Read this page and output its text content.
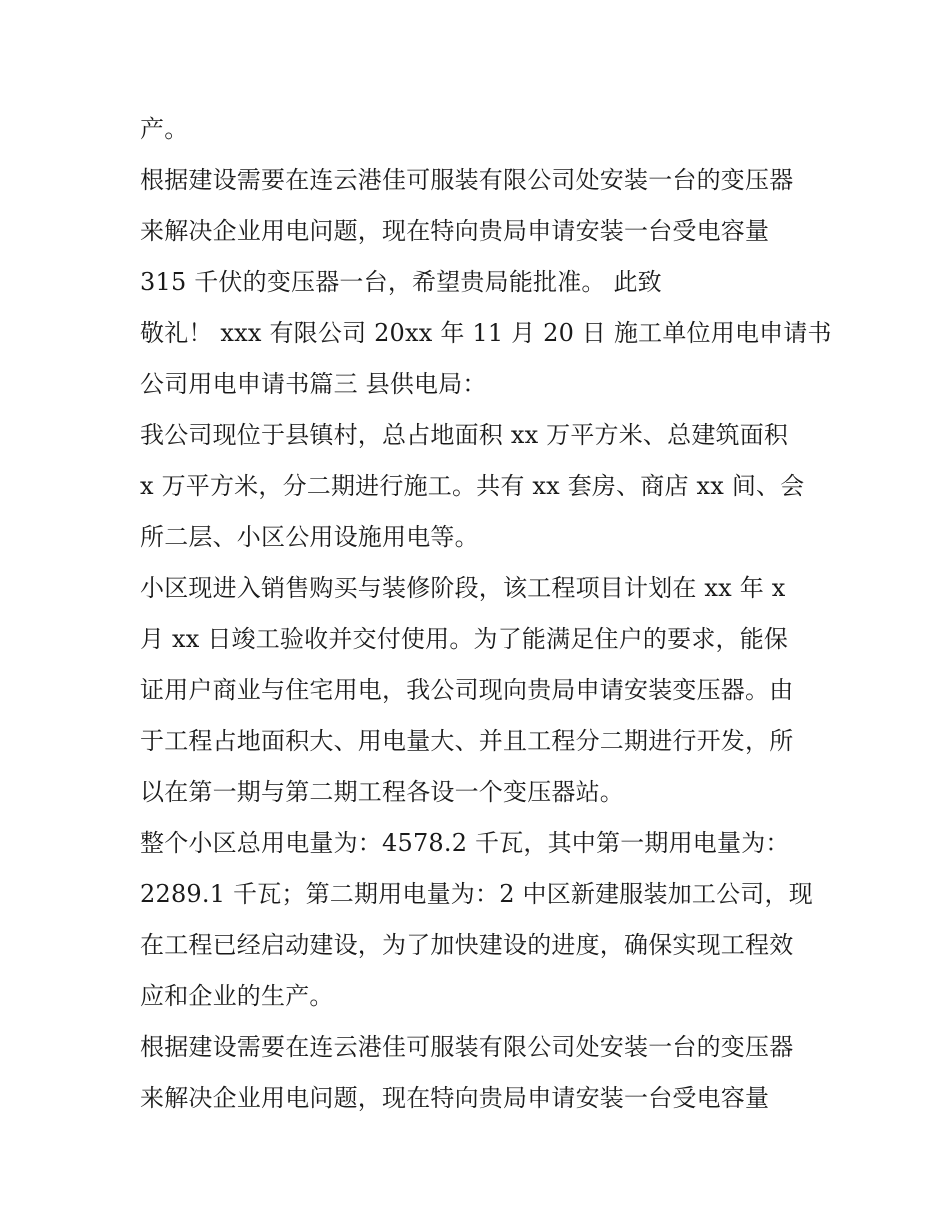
产。
根据建设需要在连云港佳可服装有限公司处安装一台的变压器
来解决企业用电问题，现在特向贵局申请安装一台受电容量
315 千伏的变压器一台，希望贵局能批准。 此致
敬礼！ xxx 有限公司 20xx 年 11 月 20 日 施工单位用电申请书
公司用电申请书篇三 县供电局：
我公司现位于县镇村，总占地面积 xx 万平方米、总建筑面积
x 万平方米，分二期进行施工。共有 xx 套房、商店 xx 间、会
所二层、小区公用设施用电等。
小区现进入销售购买与装修阶段，该工程项目计划在 xx 年 x
月 xx 日竣工验收并交付使用。为了能满足住户的要求，能保
证用户商业与住宅用电，我公司现向贵局申请安装变压器。由
于工程占地面积大、用电量大、并且工程分二期进行开发，所
以在第一期与第二期工程各设一个变压器站。
整个小区总用电量为：4578.2 千瓦，其中第一期用电量为：
2289.1 千瓦；第二期用电量为：2 中区新建服装加工公司，现
在工程已经启动建设，为了加快建设的进度，确保实现工程效
应和企业的生产。
根据建设需要在连云港佳可服装有限公司处安装一台的变压器
来解决企业用电问题，现在特向贵局申请安装一台受电容量
